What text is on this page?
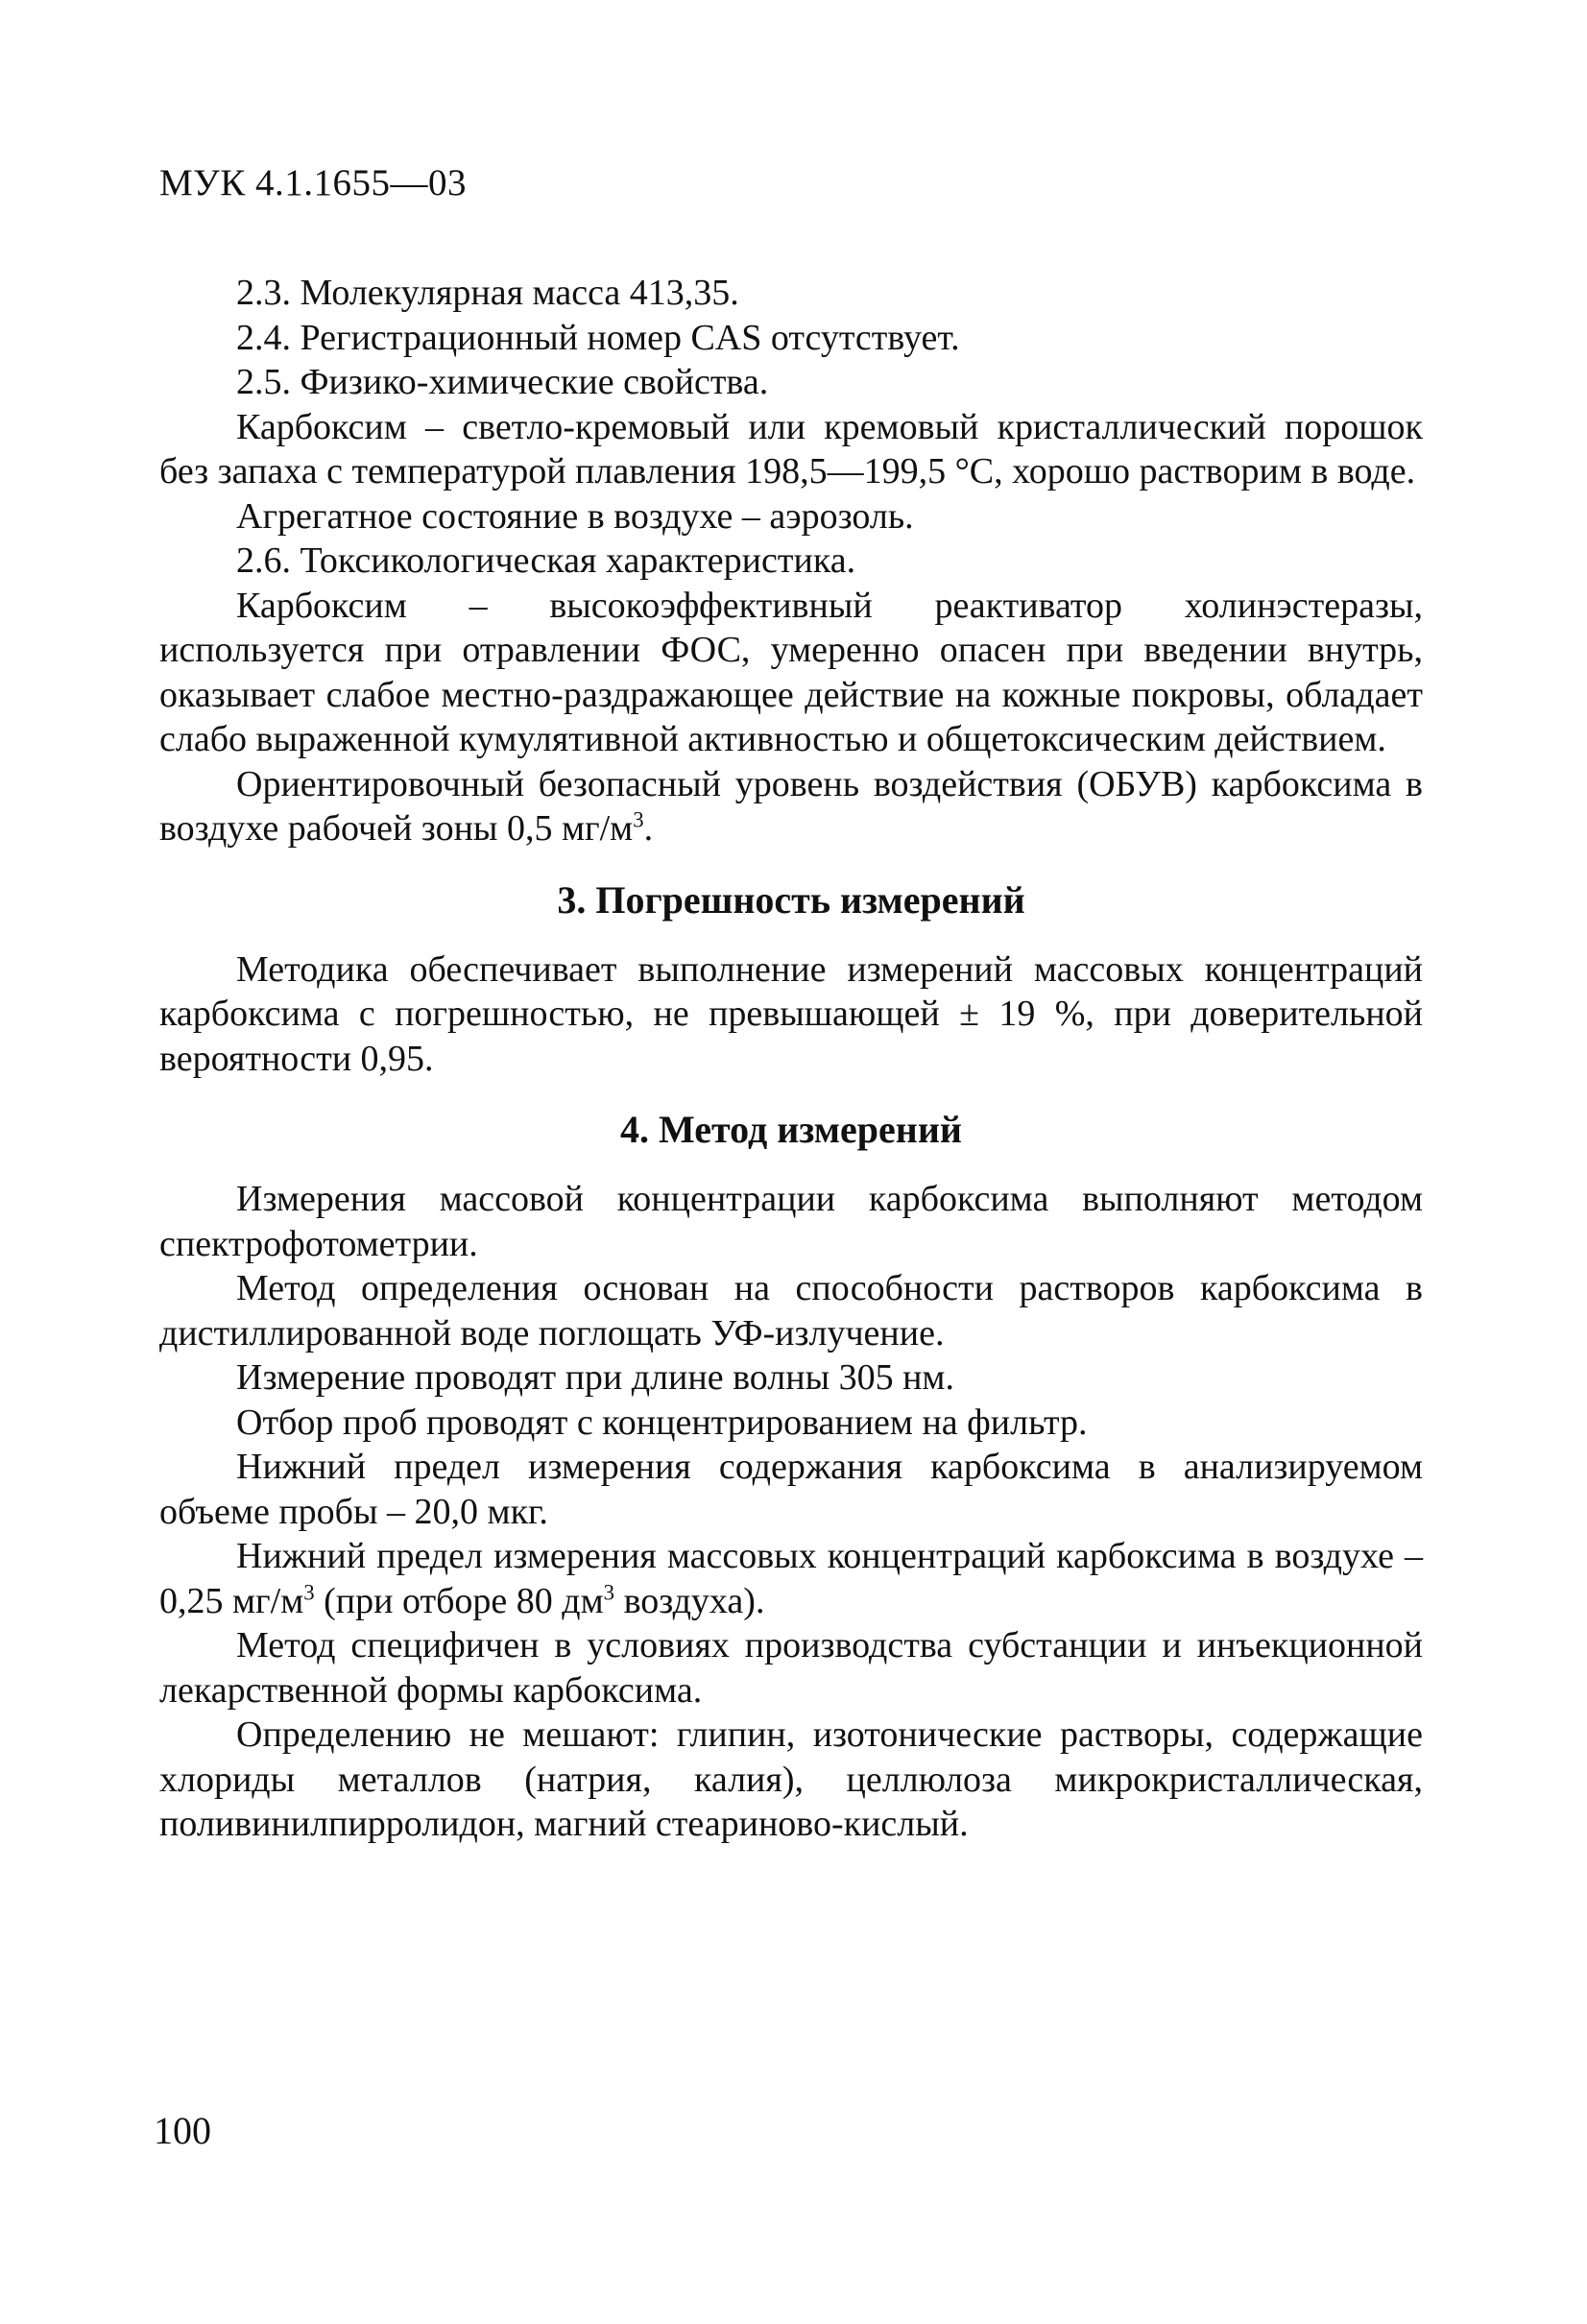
МУК 4.1.1655—03

2.3. Молекулярная масса 413,35.

2.4. Регистрационный номер CAS отсутствует.

2.5. Физико-химические свойства.

Карбоксим – светло-кремовый или кремовый кристаллический порошок без запаха с температурой плавления 198,5—199,5 °С, хорошо растворим в воде.

Агрегатное состояние в воздухе – аэрозоль.

2.6. Токсикологическая характеристика.

Карбоксим – высокоэффективный реактиватор холинэстеразы, используется при отравлении ФОС, умеренно опасен при введении внутрь, оказывает слабое местно-раздражающее действие на кожные покровы, обладает слабо выраженной кумулятивной активностью и общетоксическим действием.

Ориентировочный безопасный уровень воздействия (ОБУВ) карбоксима в воздухе рабочей зоны 0,5 $мг/м^3$.

3. Погрешность измерений

Методика обеспечивает выполнение измерений массовых концентраций карбоксима с погрешностью, не превышающей ± 19 %, при доверительной вероятности 0,95.

4. Метод измерений

Измерения массовой концентрации карбоксима выполняют методом спектрофотометрии.

Метод определения основан на способности растворов карбоксима в дистиллированной воде поглощать УФ-излучение.

Измерение проводят при длине волны 305 нм.

Отбор проб проводят с концентрированием на фильтр.

Нижний предел измерения содержания карбоксима в анализируемом объеме пробы – 20,0 мкг.

Нижний предел измерения массовых концентраций карбоксима в воздухе – 0,25 $мг/м^3$ (при отборе 80 $дм^3$ воздуха).

Метод специфичен в условиях производства субстанции и инъекционной лекарственной формы карбоксима.

Определению не мешают: глипин, изотонические растворы, содержащие хлориды металлов (натрия, калия), целлюлоза микрокристаллическая, поливинилпирролидон, магний стеариново-кислый.

100
